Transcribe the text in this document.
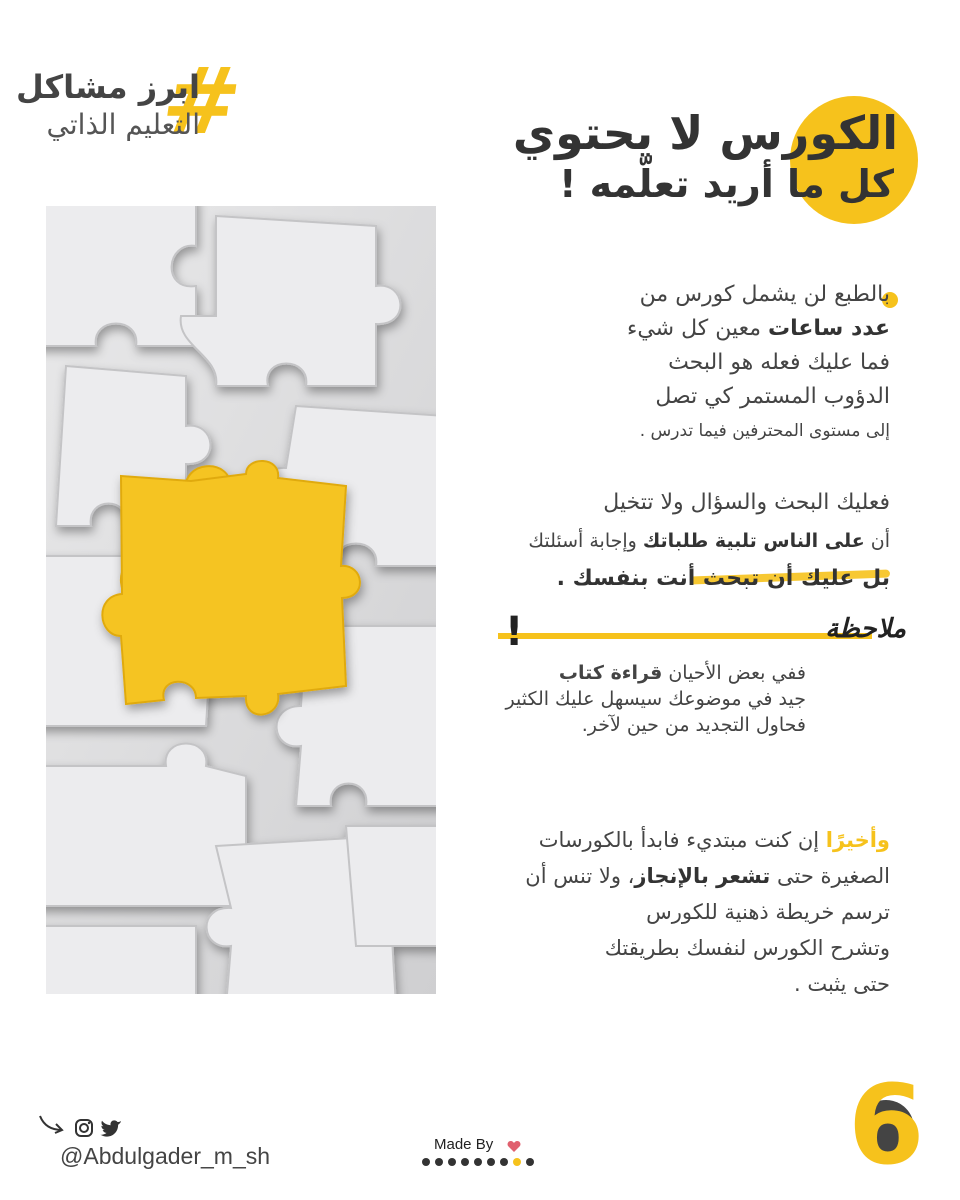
#
ابرز مشاكل
التعليم الذاتي	الكورس لا يحتوي
كل ما أريد تعلّمه !
بالطبع لن يشمل كورس من
عدد ساعات معين كل شيء
فما عليك فعله هو البحث
الدؤوب المستمر كي تصل
إلى مستوى المحترفين فيما تدرس .
فعليك البحث والسؤال ولا تتخيل
أن على الناس تلبية طلباتك وإجابة أسئلتك
بل عليك أن تبحث أنت بنفسك .
!	ملاحظة
ففي بعض الأحيان قراءة كتاب
جيد في موضوعك سيسهل عليك الكثير
فحاول التجديد من حين لآخر.
وأخيرًا إن كنت مبتديء فابدأ بالكورسات
الصغيرة حتى تشعر بالإنجاز، ولا تنس أن
ترسم خريطة ذهنية للكورس
وتشرح الكورس لنفسك بطريقتك
حتى يثبت .
@Abdulgader_m_sh	Made By	6
